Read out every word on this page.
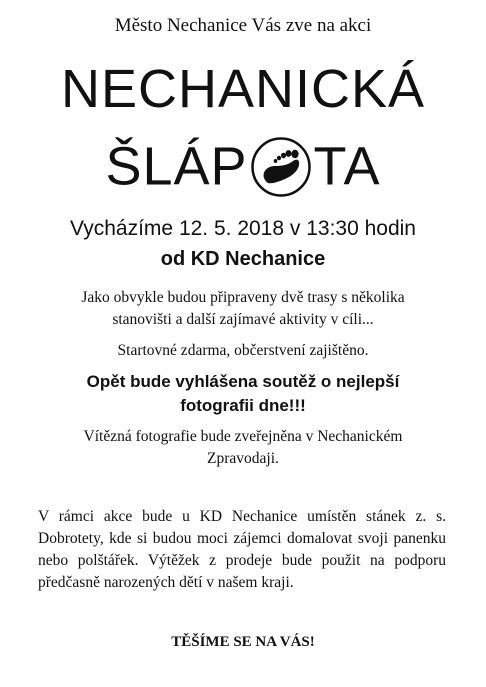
Město Nechanice Vás zve na akci
NECHANICKÁ
ŠLÁP TA
Vycházíme 12. 5. 2018 v 13:30 hodin
od KD Nechanice
Jako obvykle budou připraveny dvě trasy s několika
stanovišti a další zajímavé aktivity v cíli...
Startovné zdarma, občerstvení zajištěno.
Opět bude vyhlášena soutěž o nejlepší
fotografii dne!!!
Vítězná fotografie bude zveřejněna v Nechanickém
Zpravodaji.
V rámci akce bude u KD Nechanice umístěn stánek z. s. Dobrotety, kde si budou moci zájemci domalovat svoji panenku nebo polštářek. Výtěžek z prodeje bude použit na podporu předčasně narozených dětí v našem kraji.
TĚŠÍME SE NA VÁS!
